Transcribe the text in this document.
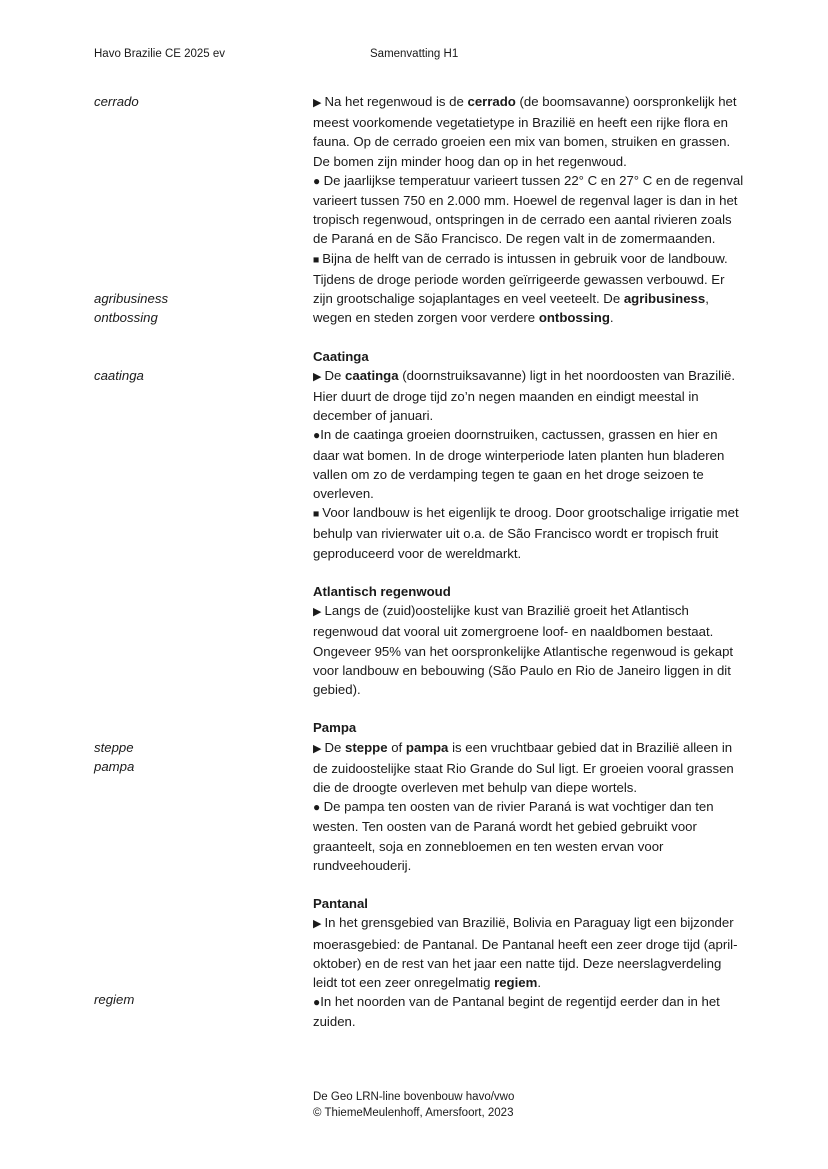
Havo Brazilie CE 2025 ev	Samenvatting H1

▶ Na het regenwoud is de cerrado (de boomsavanne) oorspronkelijk het meest voorkomende vegetatietype in Brazilië en heeft een rijke flora en fauna. Op de cerrado groeien een mix van bomen, struiken en grassen. De bomen zijn minder hoog dan op in het regenwoud.

● De jaarlijkse temperatuur varieert tussen 22° C en 27° C en de regenval varieert tussen 750 en 2.000 mm. Hoewel de regenval lager is dan in het tropisch regenwoud, ontspringen in de cerrado een aantal rivieren zoals de Paraná en de São Francisco. De regen valt in de zomermaanden.

■ Bijna de helft van de cerrado is intussen in gebruik voor de landbouw. Tijdens de droge periode worden geïrrigeerde gewassen verbouwd. Er zijn grootschalige sojaplantages en veel veeteelt. De agribusiness, wegen en steden zorgen voor verdere ontbossing.

cerrado
agribusiness
ontbossing

Caatinga

▶ De caatinga (doornstruiksavanne) ligt in het noordoosten van Brazilië. Hier duurt de droge tijd zo’n negen maanden en eindigt meestal in december of januari.

●In de caatinga groeien doornstruiken, cactussen, grassen en hier en daar wat bomen. In de droge winterperiode laten planten hun bladeren vallen om zo de verdamping tegen te gaan en het droge seizoen te overleven.

■ Voor landbouw is het eigenlijk te droog. Door grootschalige irrigatie met behulp van rivierwater uit o.a. de São Francisco wordt er tropisch fruit geproduceerd voor de wereldmarkt.

caatinga

Atlantisch regenwoud

▶ Langs de (zuid)oostelijke kust van Brazilië groeit het Atlantisch regenwoud dat vooral uit zomergroene loof- en naaldbomen bestaat. Ongeveer 95% van het oorspronkelijke Atlantische regenwoud is gekapt voor landbouw en bebouwing (São Paulo en Rio de Janeiro liggen in dit gebied).

Pampa

▶ De steppe of pampa is een vruchtbaar gebied dat in Brazilië alleen in de zuidoostelijke staat Rio Grande do Sul ligt. Er groeien vooral grassen die de droogte overleven met behulp van diepe wortels.

● De pampa ten oosten van de rivier Paraná is wat vochtiger dan ten westen. Ten oosten van de Paraná wordt het gebied gebruikt voor graanteelt, soja en zonnebloemen en ten westen ervan voor rundveehouderij.

steppe
pampa

Pantanal

▶ In het grensgebied van Brazilië, Bolivia en Paraguay ligt een bijzonder moerasgebied: de Pantanal. De Pantanal heeft een zeer droge tijd (april-oktober) en de rest van het jaar een natte tijd. Deze neerslagverdeling leidt tot een zeer onregelmatig regiem.

●In het noorden van de Pantanal begint de regentijd eerder dan in het zuiden.

regiem
De Geo LRN-line bovenbouw havo/vwo
© ThiemeMeulenhoff, Amersfoort, 2023
